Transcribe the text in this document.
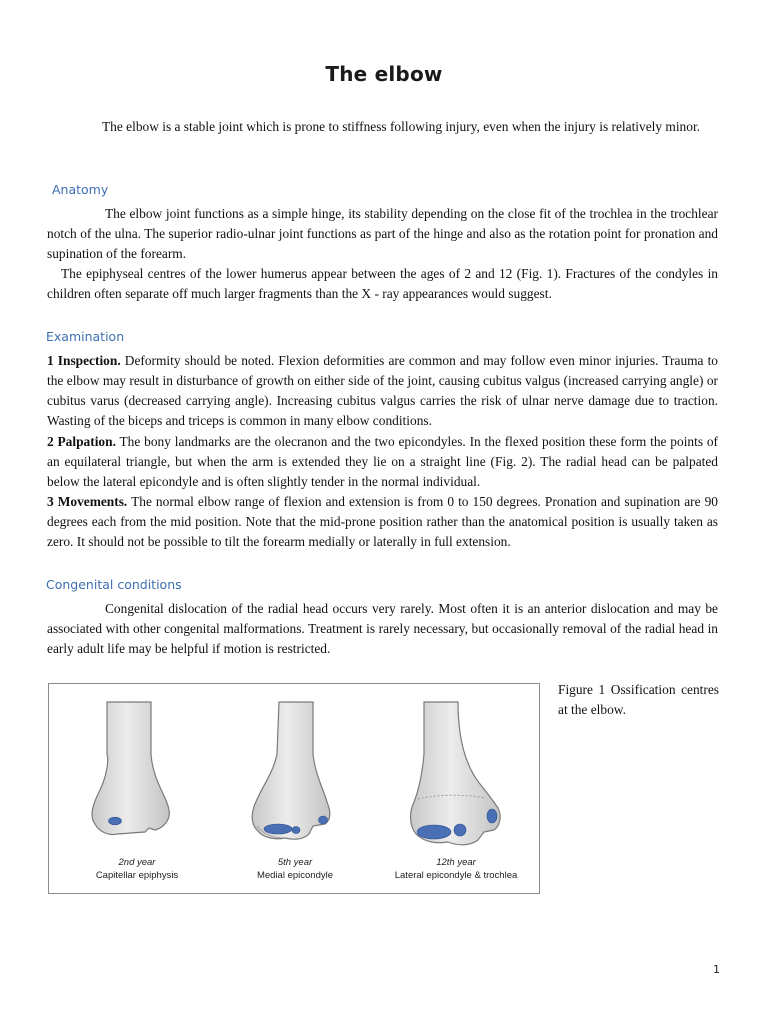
The elbow

The elbow is a stable joint which is prone to stiffness following injury, even when the injury is relatively minor.

Anatomy

The elbow joint functions as a simple hinge, its stability depending on the close fit of the trochlea in the trochlear notch of the ulna. The superior radio-ulnar joint functions as part of the hinge and also as the rotation point for pronation and supination of the forearm.

The epiphyseal centres of the lower humerus appear between the ages of 2 and 12 (Fig. 1). Fractures of the condyles in children often separate off much larger fragments than the X - ray appearances would suggest.

Examination

1 Inspection. Deformity should be noted. Flexion deformities are common and may follow even minor injuries. Trauma to the elbow may result in disturbance of growth on either side of the joint, causing cubitus valgus (increased carrying angle) or cubitus varus (decreased carrying angle). Increasing cubitus valgus carries the risk of ulnar nerve damage due to traction. Wasting of the biceps and triceps is common in many elbow conditions.

2 Palpation. The bony landmarks are the olecranon and the two epicondyles. In the flexed position these form the points of an equilateral triangle, but when the arm is extended they lie on a straight line (Fig. 2). The radial head can be palpated below the lateral epicondyle and is often slightly tender in the normal individual.

3 Movements. The normal elbow range of flexion and extension is from 0 to 150 degrees. Pronation and supination are 90 degrees each from the mid position. Note that the mid-prone position rather than the anatomical position is usually taken as zero. It should not be possible to tilt the forearm medially or laterally in full extension.

Congenital conditions

Congenital dislocation of the radial head occurs very rarely. Most often it is an anterior dislocation and may be associated with other congenital malformations. Treatment is rarely necessary, but occasionally removal of the radial head in early adult life may be helpful if motion is restricted.

2nd year
Capitellar epiphysis
5th year
Medial epicondyle
12th year
Lateral epicondyle & trochlea

Figure 1 Ossification centres at the elbow.

1
